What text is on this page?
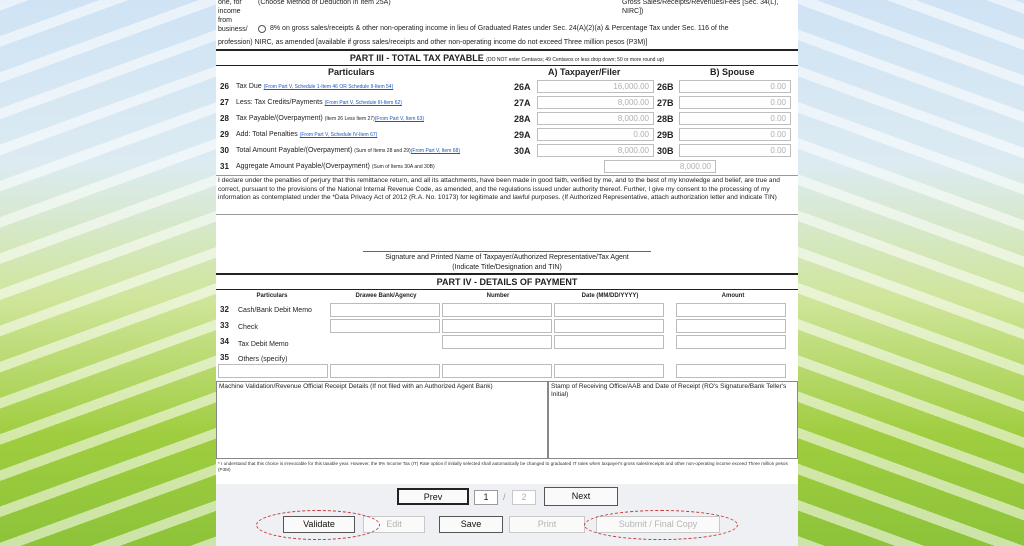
one, for
income
from
business/
(Choose Method of Deduction in Item 25A)	Gross Sales/Receipts/Revenues/Fees [Sec. 34(L),
NIRC])
8% on gross sales/receipts & other non-operating income in lieu of Graduated Rates under Sec. 24(A)(2)(a) & Percentage Tax under Sec. 116 of the
profession) NIRC, as amended [available if gross sales/receipts and other non-operating income do not exceed Three million pesos (P3M)]
PART III - TOTAL TAX PAYABLE (DO NOT enter Centavos; 49 Centavos or less drop down; 50 or more round up)
Particulars	A) Taxpayer/Filer	B) Spouse
26 Tax Due (From Part V, Schedule 1-Item 46 OR Schedule II-Item 54)	26A	16,000.00 26B	0.00
27 Less: Tax Credits/Payments (From Part V, Schedule III-Item 62)	27A	8,000.00 27B	0.00
28 Tax Payable/(Overpayment) (Item 26 Less Item 27)(From Part V, Item 63)	28A	8,000.00 28B	0.00
29 Add: Total Penalties (From Part V, Schedule IV-Item 67)	29A	0.00 29B	0.00
30 Total Amount Payable/(Overpayment) (Sum of Items 28 and 29)(From Part V, Item 68)	30A	8,000.00 30B	0.00
31 Aggregate Amount Payable/(Overpayment) (Sum of Items 30A and 30B)	8,000.00
I declare under the penalties of perjury that this remittance return, and all its attachments, have been made in good faith, verified by me, and to the best of my knowledge and belief, are true and correct, pursuant to the provisions of the National Internal Revenue Code, as amended, and the regulations issued under authority thereof. Further, I give my consent to the processing of my information as contemplated under the *Data Privacy Act of 2012 (R.A. No. 10173) for legitimate and lawful purposes. (If Authorized Representative, attach authorization letter and indicate TIN)
Signature and Printed Name of Taxpayer/Authorized Representative/Tax Agent
(Indicate Title/Designation and TIN)
PART IV - DETAILS OF PAYMENT
Particulars	Drawee Bank/Agency	Number	Date (MM/DD/YYYY)	Amount
32 Cash/Bank Debit Memo
33 Check
34 Tax Debit Memo
35 Others (specify)
Machine Validation/Revenue Official Receipt Details (If not filed with an Authorized Agent Bank)	Stamp of Receiving Office/AAB and Date of Receipt (RO's Signature/Bank Teller's Initial)
* I understand that this choice is irrevocable for this taxable year. However, the 8% Income Tax (IT) Rate option if initially selected shall automatically be changed to graduated IT rates when taxpayer's gross sales/receipts and other non-operating income exceed Three million pesos (P3M)
Prev	1	/	2	Next
Validate	Edit	Save	Print	Submit / Final Copy
